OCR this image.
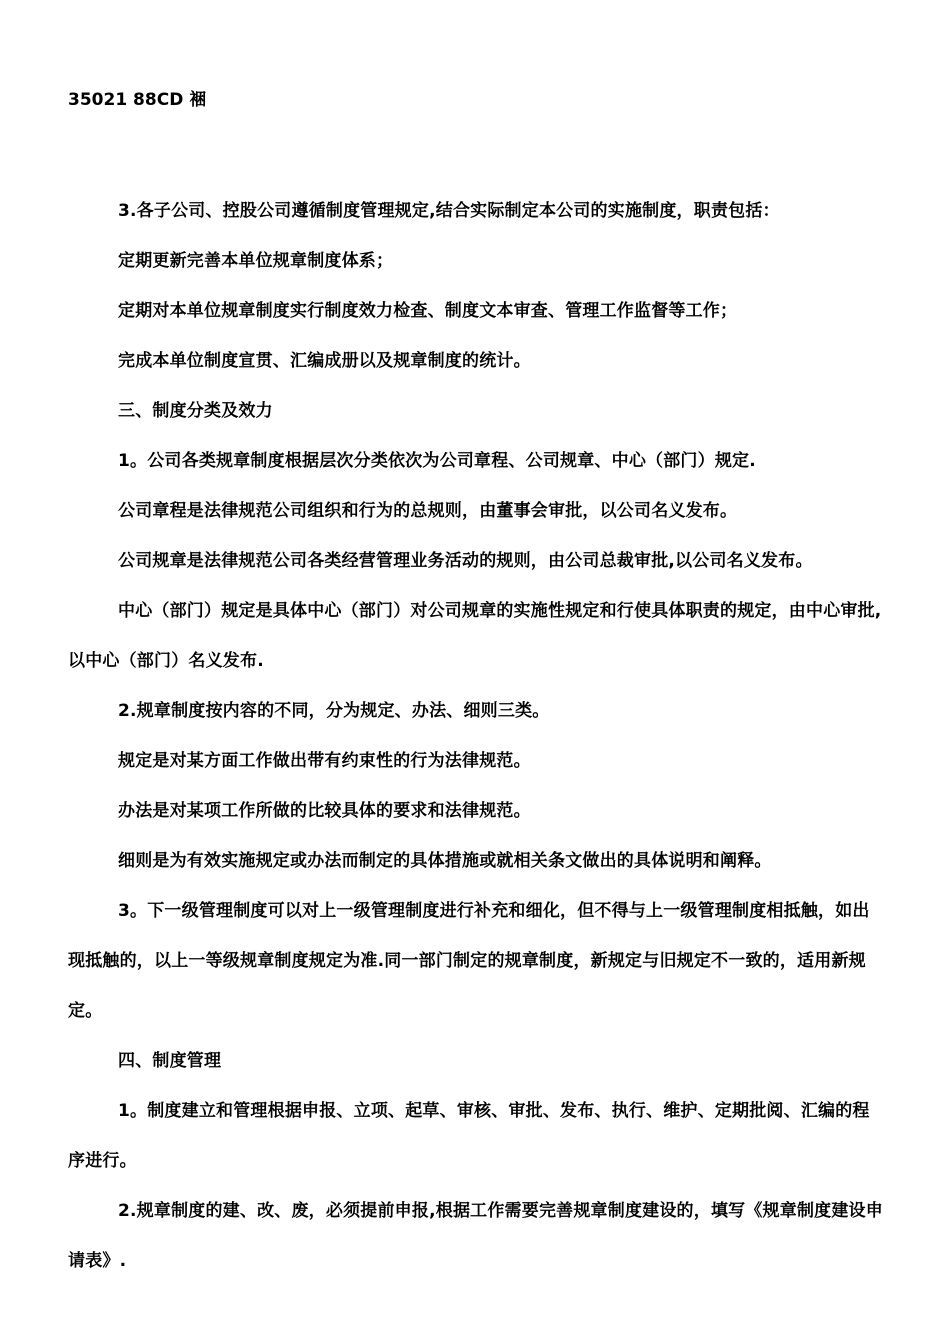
35021 88CD 裍

3.各子公司、控股公司遵循制度管理规定,结合实际制定本公司的实施制度，职责包括：

定期更新完善本单位规章制度体系；

定期对本单位规章制度实行制度效力检查、制度文本审查、管理工作监督等工作；

完成本单位制度宣贯、汇编成册以及规章制度的统计。

三、制度分类及效力

1。公司各类规章制度根据层次分类依次为公司章程、公司规章、中心（部门）规定.

公司章程是法律规范公司组织和行为的总规则，由董事会审批，以公司名义发布。

公司规章是法律规范公司各类经营管理业务活动的规则，由公司总裁审批,以公司名义发布。

中心（部门）规定是具体中心（部门）对公司规章的实施性规定和行使具体职责的规定，由中心审批,以中心（部门）名义发布.

2.规章制度按内容的不同，分为规定、办法、细则三类。

规定是对某方面工作做出带有约束性的行为法律规范。

办法是对某项工作所做的比较具体的要求和法律规范。

细则是为有效实施规定或办法而制定的具体措施或就相关条文做出的具体说明和阐释。

3。下一级管理制度可以对上一级管理制度进行补充和细化，但不得与上一级管理制度相抵触，如出现抵触的，以上一等级规章制度规定为准.同一部门制定的规章制度，新规定与旧规定不一致的，适用新规定。

四、制度管理

1。制度建立和管理根据申报、立项、起草、审核、审批、发布、执行、维护、定期批阅、汇编的程序进行。

2.规章制度的建、改、废，必须提前申报,根据工作需要完善规章制度建设的，填写《规章制度建设申请表》.
